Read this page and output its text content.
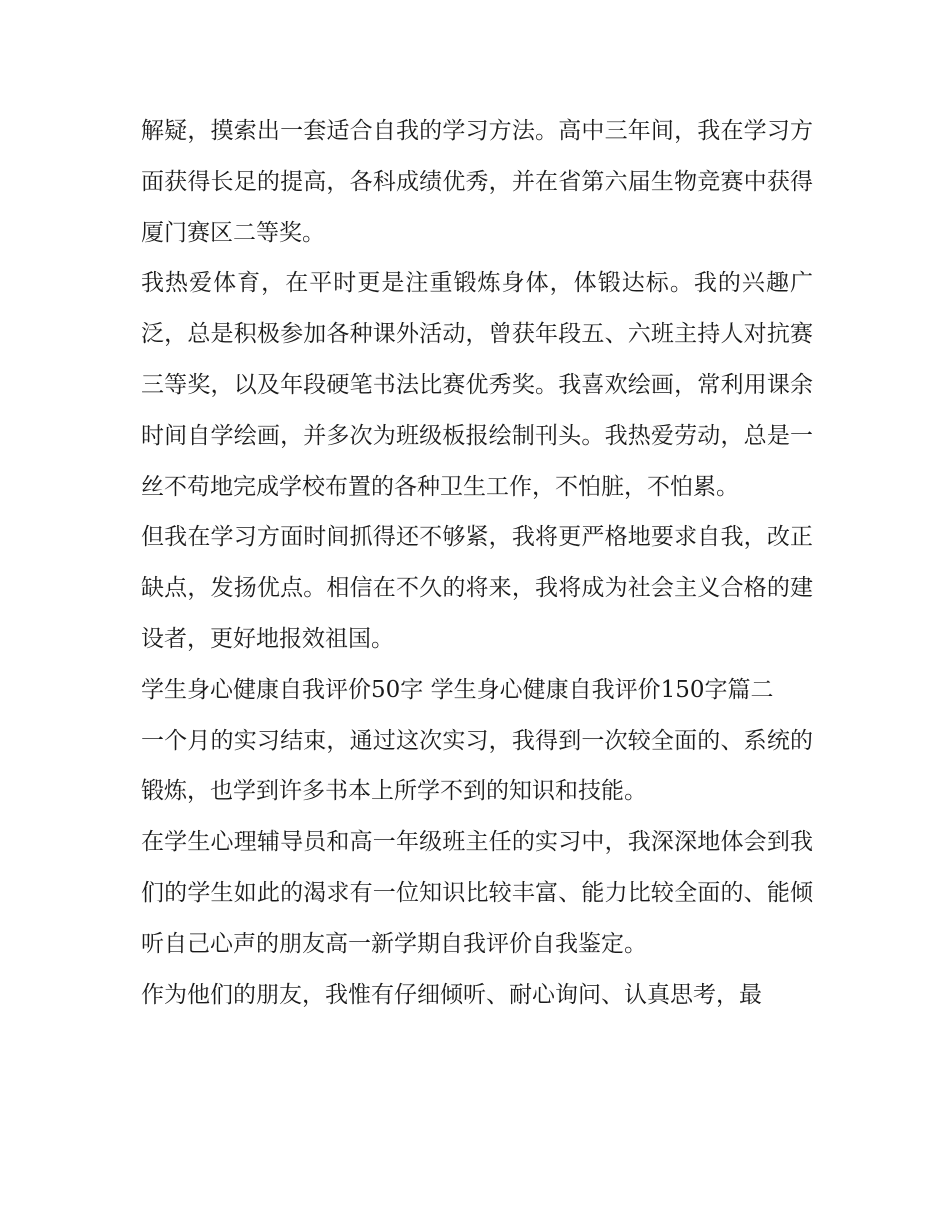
解疑，摸索出一套适合自我的学习方法。高中三年间，我在学习方面获得长足的提高，各科成绩优秀，并在省第六届生物竞赛中获得厦门赛区二等奖。

我热爱体育，在平时更是注重锻炼身体，体锻达标。我的兴趣广泛，总是积极参加各种课外活动，曾获年段五、六班主持人对抗赛三等奖，以及年段硬笔书法比赛优秀奖。我喜欢绘画，常利用课余时间自学绘画，并多次为班级板报绘制刊头。我热爱劳动，总是一丝不苟地完成学校布置的各种卫生工作，不怕脏，不怕累。

但我在学习方面时间抓得还不够紧，我将更严格地要求自我，改正缺点，发扬优点。相信在不久的将来，我将成为社会主义合格的建设者，更好地报效祖国。

学生身心健康自我评价50字 学生身心健康自我评价150字篇二

一个月的实习结束，通过这次实习，我得到一次较全面的、系统的锻炼，也学到许多书本上所学不到的知识和技能。

在学生心理辅导员和高一年级班主任的实习中，我深深地体会到我们的学生如此的渴求有一位知识比较丰富、能力比较全面的、能倾听自己心声的朋友高一新学期自我评价自我鉴定。

作为他们的朋友，我惟有仔细倾听、耐心询问、认真思考，最
